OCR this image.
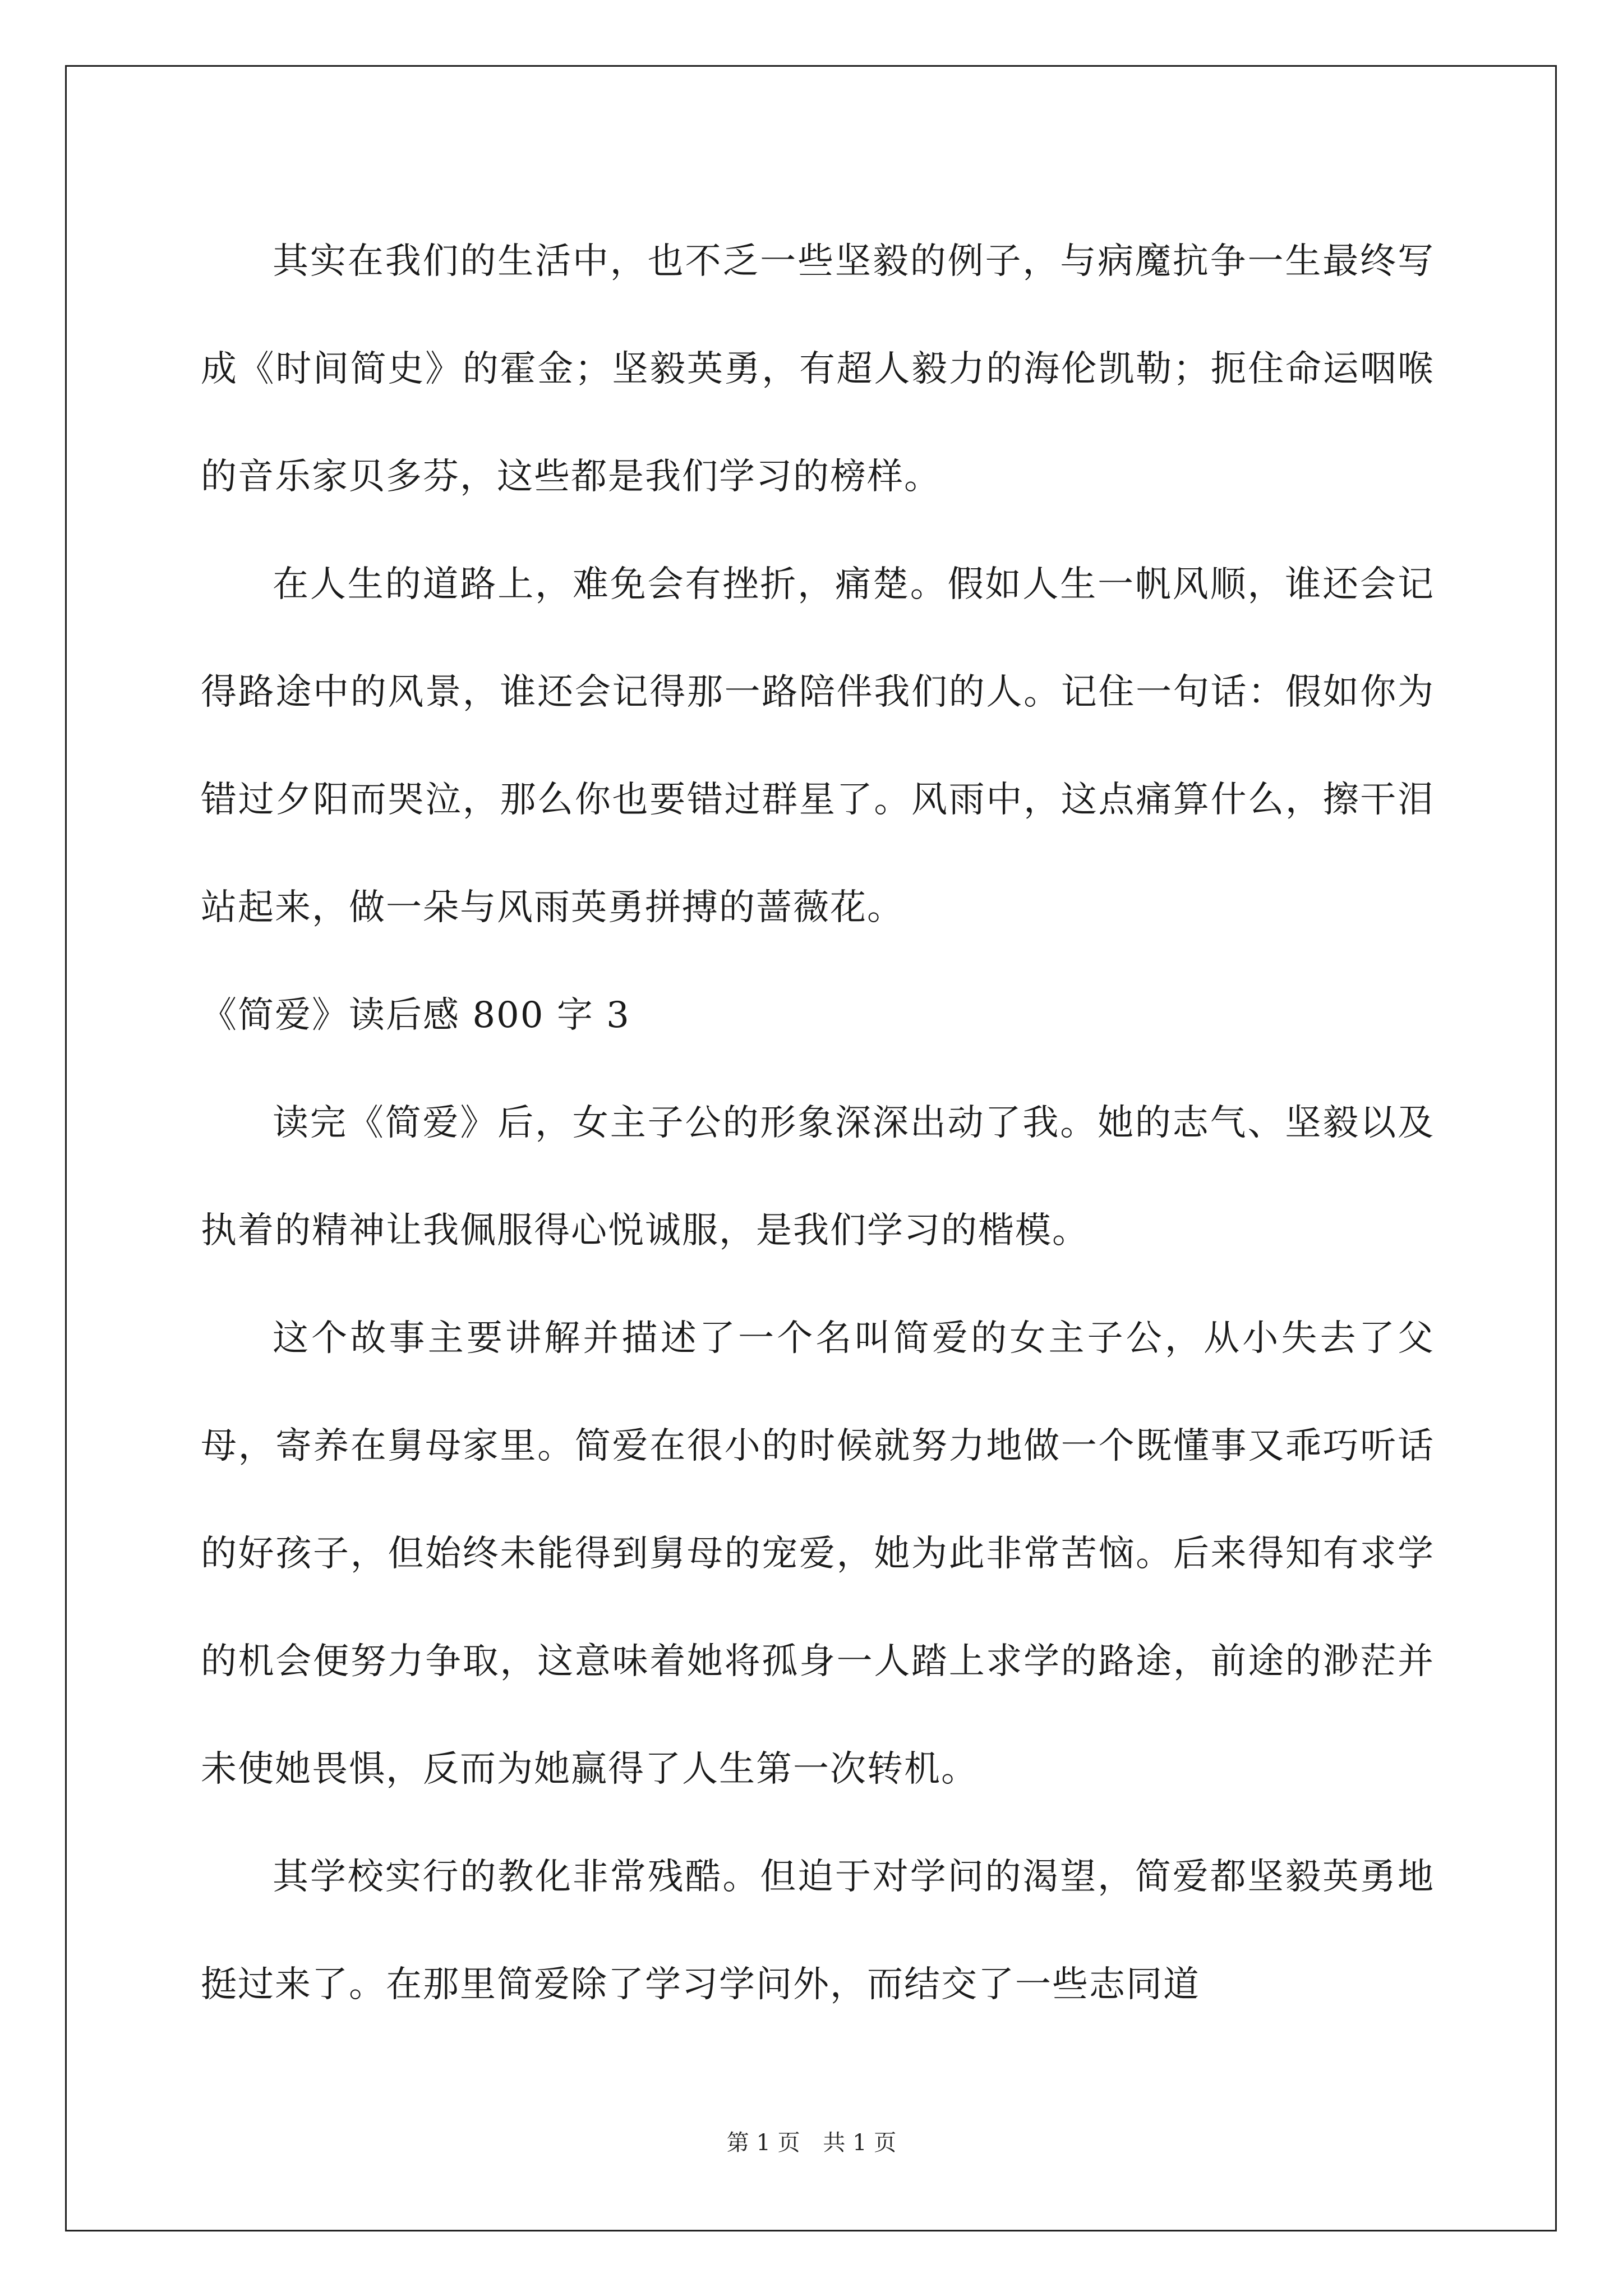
其实在我们的生活中，也不乏一些坚毅的例子，与病魔抗争一生最终写成《时间简史》的霍金；坚毅英勇，有超人毅力的海伦凯勒；扼住命运咽喉的音乐家贝多芬，这些都是我们学习的榜样。

在人生的道路上，难免会有挫折，痛楚。假如人生一帆风顺，谁还会记得路途中的风景，谁还会记得那一路陪伴我们的人。记住一句话：假如你为错过夕阳而哭泣，那么你也要错过群星了。风雨中，这点痛算什么，擦干泪站起来，做一朵与风雨英勇拼搏的蔷薇花。

《简爱》读后感 800 字 3

读完《简爱》后，女主子公的形象深深出动了我。她的志气、坚毅以及执着的精神让我佩服得心悦诚服，是我们学习的楷模。

这个故事主要讲解并描述了一个名叫简爱的女主子公，从小失去了父母，寄养在舅母家里。简爱在很小的时候就努力地做一个既懂事又乖巧听话的好孩子，但始终未能得到舅母的宠爱，她为此非常苦恼。后来得知有求学的机会便努力争取，这意味着她将孤身一人踏上求学的路途，前途的渺茫并未使她畏惧，反而为她赢得了人生第一次转机。

其学校实行的教化非常残酷。但迫于对学问的渴望，简爱都坚毅英勇地挺过来了。在那里简爱除了学习学问外，而结交了一些志同道

第 1 页 共 1 页
